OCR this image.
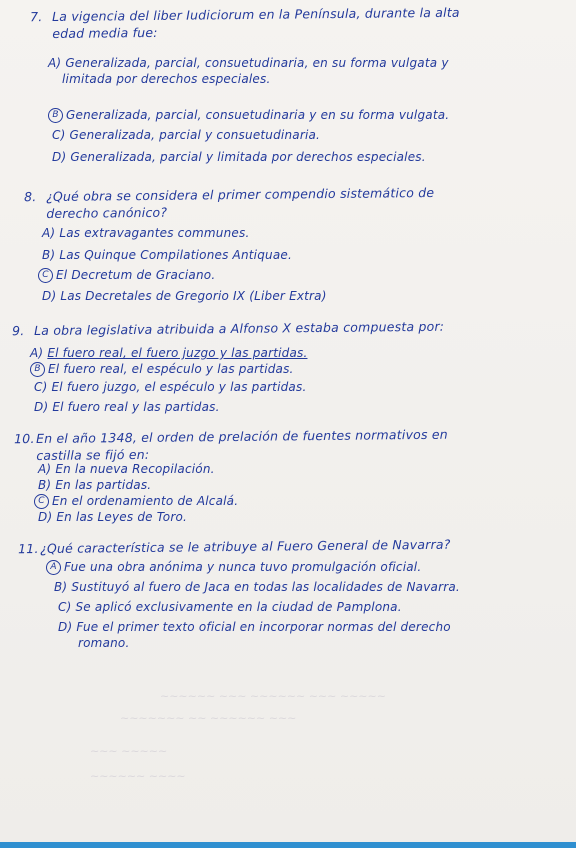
~~~~~ ~~~ ~~~~~~ ~~~ ~~~~~~
~~~ ~~~~~~ ~~ ~~~~~~~
~~~~~ ~~~
~~~~ ~~~~~~
7. La vigencia del liber Iudiciorum en la Península, durante la alta
edad media fue:
A) Generalizada, parcial, consuetudinaria, en su forma vulgata y
limitada por derechos especiales.
B Generalizada, parcial, consuetudinaria y en su forma vulgata.
C) Generalizada, parcial y consuetudinaria.
D) Generalizada, parcial y limitada por derechos especiales.
8. ¿Qué obra se considera el primer compendio sistemático de
derecho canónico?
A) Las extravagantes communes.
B) Las Quinque Compilationes Antiquae.
C El Decretum de Graciano.
D) Las Decretales de Gregorio IX (Liber Extra)
9. La obra legislativa atribuida a Alfonso X estaba compuesta por:
A) El fuero real, el fuero juzgo y las partidas.
B El fuero real, el espéculo y las partidas.
C) El fuero juzgo, el espéculo y las partidas.
D) El fuero real y las partidas.
10. En el año 1348, el orden de prelación de fuentes normativos en
castilla se fijó en:
A) En la nueva Recopilación.
B) En las partidas.
C En el ordenamiento de Alcalá.
D) En las Leyes de Toro.
11. ¿Qué característica se le atribuye al Fuero General de Navarra?
A Fue una obra anónima y nunca tuvo promulgación oficial.
B) Sustituyó al fuero de Jaca en todas las localidades de Navarra.
C) Se aplicó exclusivamente en la ciudad de Pamplona.
D) Fue el primer texto oficial en incorporar normas del derecho
romano.
